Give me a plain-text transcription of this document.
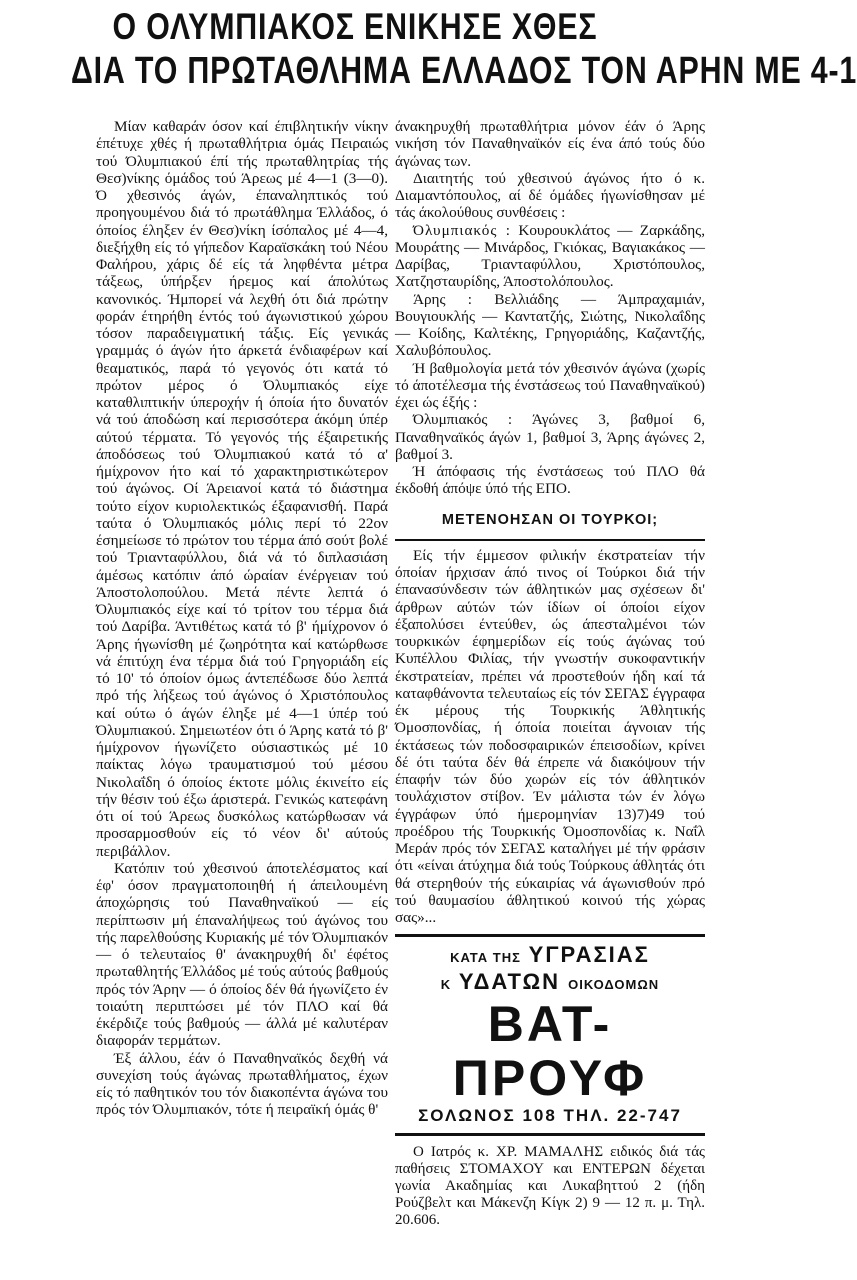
Ο ΟΛΥΜΠΙΑΚΟΣ ΕΝΙΚΗΣΕ ΧΘΕΣ
ΔΙΑ ΤΟ ΠΡΩΤΑΘΛΗΜΑ ΕΛΛΑΔΟΣ ΤΟΝ ΑΡΗΝ ΜΕ 4-1

Μίαν καθαράν όσον καί έπιβλητικήν νίκην έπέτυχε χθές ή πρωταθλήτρια όμάς Πειραιώς τού Όλυμπιακού έπί τής πρωταθλητρίας τής Θεσ)νίκης όμάδος τού Άρεως μέ 4—1 (3—0). Ό χθεσινός άγών, έπαναληπτικός τού προηγουμένου διά τό πρωτάθλημα Έλλάδος, ό όποίος έληξεν έν Θεσ)νίκη ίσόπαλος μέ 4—4, διεξήχθη είς τό γήπεδον Καραϊσκάκη τού Νέου Φαλήρου, χάρις δέ είς τά ληφθέντα μέτρα τάξεως, ύπήρξεν ήρεμος καί άπολύτως κανονικός. Ήμπορεί νά λεχθή ότι διά πρώτην φοράν έτηρήθη έντός τού άγωνιστικού χώρου τόσον παραδειγματική τάξις. Είς γενικάς γραμμάς ό άγών ήτο άρκετά ένδιαφέρων καί θεαματικός, παρά τό γεγονός ότι κατά τό πρώτον μέρος ό Όλυμπιακός είχε καταθλιπτικήν ύπεροχήν ή όποία ήτο δυνατόν νά τού άποδώση καί περισσότερα άκόμη ύπέρ αύτού τέρματα. Τό γεγονός τής έξαιρετικής άποδόσεως τού Όλυμπιακού κατά τό α' ήμίχρονον ήτο καί τό χαρακτηριστικώτερον τού άγώνος. Οί Άρειανοί κατά τό διάστημα τούτο είχον κυριολεκτικώς έξαφανισθή. Παρά ταύτα ό Όλυμπιακός μόλις περί τό 22ον έσημείωσε τό πρώτον του τέρμα άπό σούτ βολέ τού Τριανταφύλλου, διά νά τό διπλασιάση άμέσως κατόπιν άπό ώραίαν ένέργειαν τού Άποστολοπούλου. Μετά πέντε λεπτά ό Όλυμπιακός είχε καί τό τρίτον του τέρμα διά τού Δαρίβα. Άντιθέτως κατά τό β' ήμίχρονον ό Άρης ήγωνίσθη μέ ζωηρότητα καί κατώρθωσε νά έπιτύχη ένα τέρμα διά τού Γρηγοριάδη είς τό 10' τό όποίον όμως άντεπέδωσε δύο λεπτά πρό τής λήξεως τού άγώνος ό Χριστόπουλος καί ούτω ό άγών έληξε μέ 4—1 ύπέρ τού Όλυμπιακού. Σημειωτέον ότι ό Άρης κατά τό β' ήμίχρονον ήγωνίζετο ούσιαστικώς μέ 10 παίκτας λόγω τραυματισμού τού μέσου Νικολαΐδη ό όποίος έκτοτε μόλις έκινείτο είς τήν θέσιν τού έξω άριστερά. Γενικώς κατεφάνη ότι οί τού Άρεως δυσκόλως κατώρθωσαν νά προσαρμοσθούν είς τό νέον δι' αύτούς περιβάλλον.

Κατόπιν τού χθεσινού άποτελέσματος καί έφ' όσον πραγματοποιηθή ή άπειλουμένη άποχώρησις τού Παναθηναϊκού — είς περίπτωσιν μή έπαναλήψεως τού άγώνος του τής παρελθούσης Κυριακής μέ τόν Όλυμπιακόν — ό τελευταίος θ' άνακηρυχθή δι' έφέτος πρωταθλητής Έλλάδος μέ τούς αύτούς βαθμούς πρός τόν Άρην — ό όποίος δέν θά ήγωνίζετο έν τοιαύτη περιπτώσει μέ τόν ΠΛΟ καί θά έκέρδιζε τούς βαθμούς — άλλά μέ καλυτέραν διαφοράν τερμάτων.

Έξ άλλου, έάν ό Παναθηναϊκός δεχθή νά συνεχίση τούς άγώνας πρωταθλήματος, έχων είς τό παθητικόν του τόν διακοπέντα άγώνα του πρός τόν Όλυμπιακόν, τότε ή πειραϊκή όμάς θ'

άνακηρυχθή πρωταθλήτρια μόνον έάν ό Άρης νικήση τόν Παναθηναϊκόν είς ένα άπό τούς δύο άγώνας των.

Διαιτητής τού χθεσινού άγώνος ήτο ό κ. Διαμαντόπουλος, αί δέ όμάδες ήγωνίσθησαν μέ τάς άκολούθους συνθέσεις :

Όλυμπιακός : Κουρουκλάτος — Ζαρκάδης, Μουράτης — Μινάρδος, Γκιόκας, Βαγιακάκος — Δαρίβας, Τριανταφύλλου, Χριστόπουλος, Χατζησταυρίδης, Άποστολόπουλος.

Άρης : Βελλιάδης — Άμπραχαμιάν, Βουγιουκλής — Καντατζής, Σιώτης, Νικολαΐδης — Κοίδης, Καλτέκης, Γρηγοριάδης, Καζαντζής, Χαλυβόπουλος.

Ή βαθμολογία μετά τόν χθεσινόν άγώνα (χωρίς τό άποτέλεσμα τής ένστάσεως τού Παναθηναϊκού) έχει ώς έξής :

Όλυμπιακός : Άγώνες 3, βαθμοί 6, Παναθηναϊκός άγών 1, βαθμοί 3, Άρης άγώνες 2, βαθμοί 3.

Ή άπόφασις τής ένστάσεως τού ΠΛΟ θά έκδοθή άπόψε ύπό τής ΕΠΟ.

ΜΕΤΕΝΟΗΣΑΝ ΟΙ ΤΟΥΡΚΟΙ;

Είς τήν έμμεσον φιλικήν έκστρατείαν τήν όποίαν ήρχισαν άπό τινος οί Τούρκοι διά τήν έπανασύνδεσιν τών άθλητικών μας σχέσεων δι' άρθρων αύτών τών ίδίων οί όποίοι είχον έξαπολύσει έντεύθεν, ώς άπεσταλμένοι τών τουρκικών έφημερίδων είς τούς άγώνας τού Κυπέλλου Φιλίας, τήν γνωστήν συκοφαντικήν έκστρατείαν, πρέπει νά προστεθούν ήδη καί τά καταφθάνοντα τελευταίως είς τόν ΣΕΓΑΣ έγγραφα έκ μέρους τής Τουρκικής Άθλητικής Όμοσπονδίας, ή όποία ποιείται άγνοιαν τής έκτάσεως τών ποδοσφαιρικών έπεισοδίων, κρίνει δέ ότι ταύτα δέν θά έπρεπε νά διακόψουν τήν έπαφήν τών δύο χωρών είς τόν άθλητικόν τουλάχιστον στίβον. Έν μάλιστα τών έν λόγω έγγράφων ύπό ήμερομηνίαν 13)7)49 τού προέδρου τής Τουρκικής Όμοσπονδίας κ. Ναΐλ Μεράν πρός τόν ΣΕΓΑΣ καταλήγει μέ τήν φράσιν ότι «είναι άτύχημα διά τούς Τούρκους άθλητάς ότι θά στερηθούν τής εύκαιρίας νά άγωνισθούν πρό τού θαυμασίου άθλητικού κοινού τής χώρας σας»...

ΚΑΤΑ ΤΗΣ ΥΓΡΑΣΙΑΣ
Κ ΥΔΑΤΩΝ ΟΙΚΟΔΟΜΩΝ
ΒΑΤ-ΠΡΟΥΦ
ΣΟΛΩΝΟΣ 108 ΤΗΛ. 22-747

Ο Ιατρός κ. ΧΡ. ΜΑΜΑΛΗΣ ειδικός διά τάς παθήσεις ΣΤΟΜΑΧΟΥ και ΕΝΤΕΡΩΝ δέχεται γωνία Ακαδημίας και Λυκαβηττού 2 (ήδη Ρούζβελτ και Μάκενζη Κίγκ 2) 9 — 12 π. μ. Τηλ. 20.606.
